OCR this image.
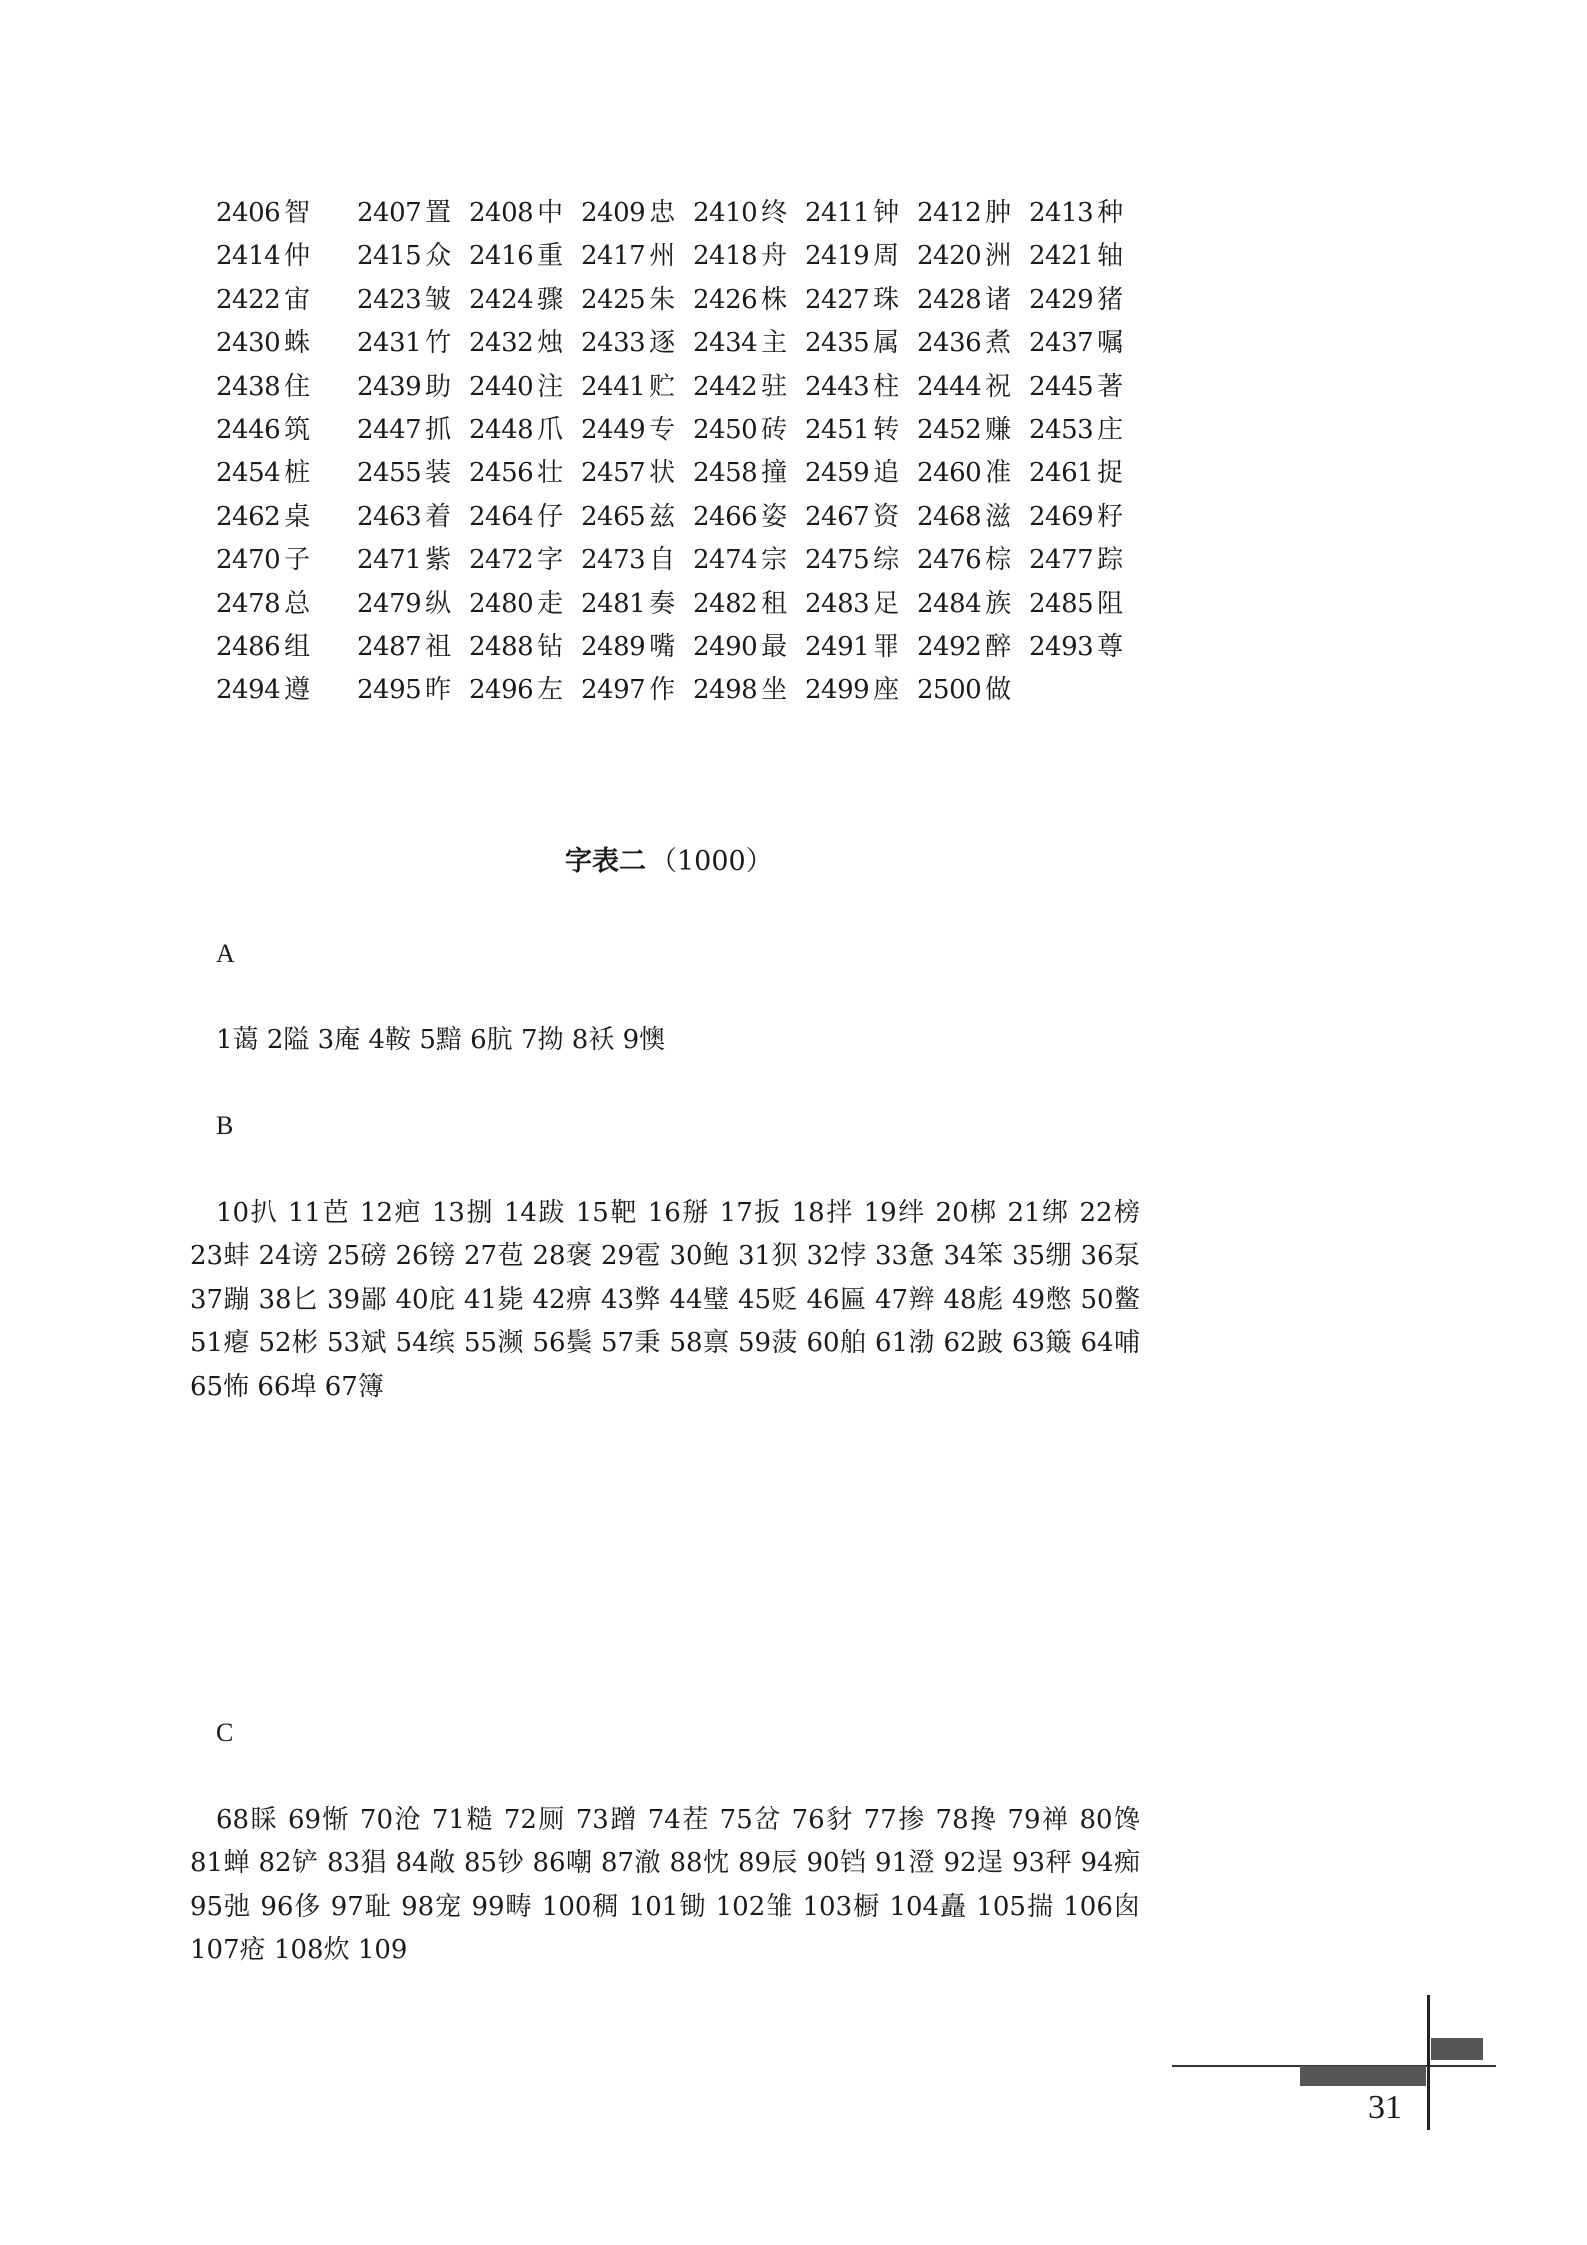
2406 智	2407 置 2408 中 2409 忠 2410 终 2411 钟 2412 肿 2413 种
2414 仲	2415 众 2416 重 2417 州 2418 舟 2419 周 2420 洲 2421 轴
2422 宙	2423 皱 2424 骤 2425 朱 2426 株 2427 珠 2428 诸 2429 猪
2430 蛛	2431 竹 2432 烛 2433 逐 2434 主 2435 属 2436 煮 2437 嘱
2438 住	2439 助 2440 注 2441 贮 2442 驻 2443 柱 2444 祝 2445 著
2446 筑	2447 抓 2448 爪 2449 专 2450 砖 2451 转 2452 赚 2453 庄
2454 桩	2455 装 2456 壮 2457 状 2458 撞 2459 追 2460 准 2461 捉
2462 桌	2463 着 2464 仔 2465 兹 2466 姿 2467 资 2468 滋 2469 籽
2470 子	2471 紫 2472 字 2473 自 2474 宗 2475 综 2476 棕 2477 踪
2478 总	2479 纵 2480 走 2481 奏 2482 租 2483 足 2484 族 2485 阻
2486 组	2487 祖 2488 钻 2489 嘴 2490 最 2491 罪 2492 醉 2493 尊
2494 遵	2495 昨 2496 左 2497 作 2498 坐 2499 座 2500 做
字表二 （1000）
A

1蔼 2隘 3庵 4鞍 5黯 6肮 7拗 8袄 9懊

B

10扒 11芭 12疤 13捌 14跋 15靶 16掰 17扳 18拌 19绊 20梆 21绑 22榜 23蚌 24谤 25磅 26镑 27苞 28褒 29雹 30鲍 31狈 32悖 33惫 34笨 35绷 36泵 37蹦 38匕 39鄙 40庇 41毙 42痹 43弊 44璧 45贬 46匾 47辫 48彪 49憋 50鳖 51瘪 52彬 53斌 54缤 55濒 56鬓 57秉 58禀 59菠 60舶 61渤 62跛 63簸 64哺 65怖 66埠 67簿

C

68睬 69惭 70沧 71糙 72厕 73蹭 74茬 75岔 76豺 77掺 78搀 79禅 80馋 81蝉 82铲 83猖 84敞 85钞 86嘲 87澈 88忱 89辰 90铛 91澄 92逞 93秤 94痴 95弛 96侈 97耻 98宠 99畴 100稠 101锄 102雏 103橱 104矗 105揣 106囱 107疮 108炊 109

31
